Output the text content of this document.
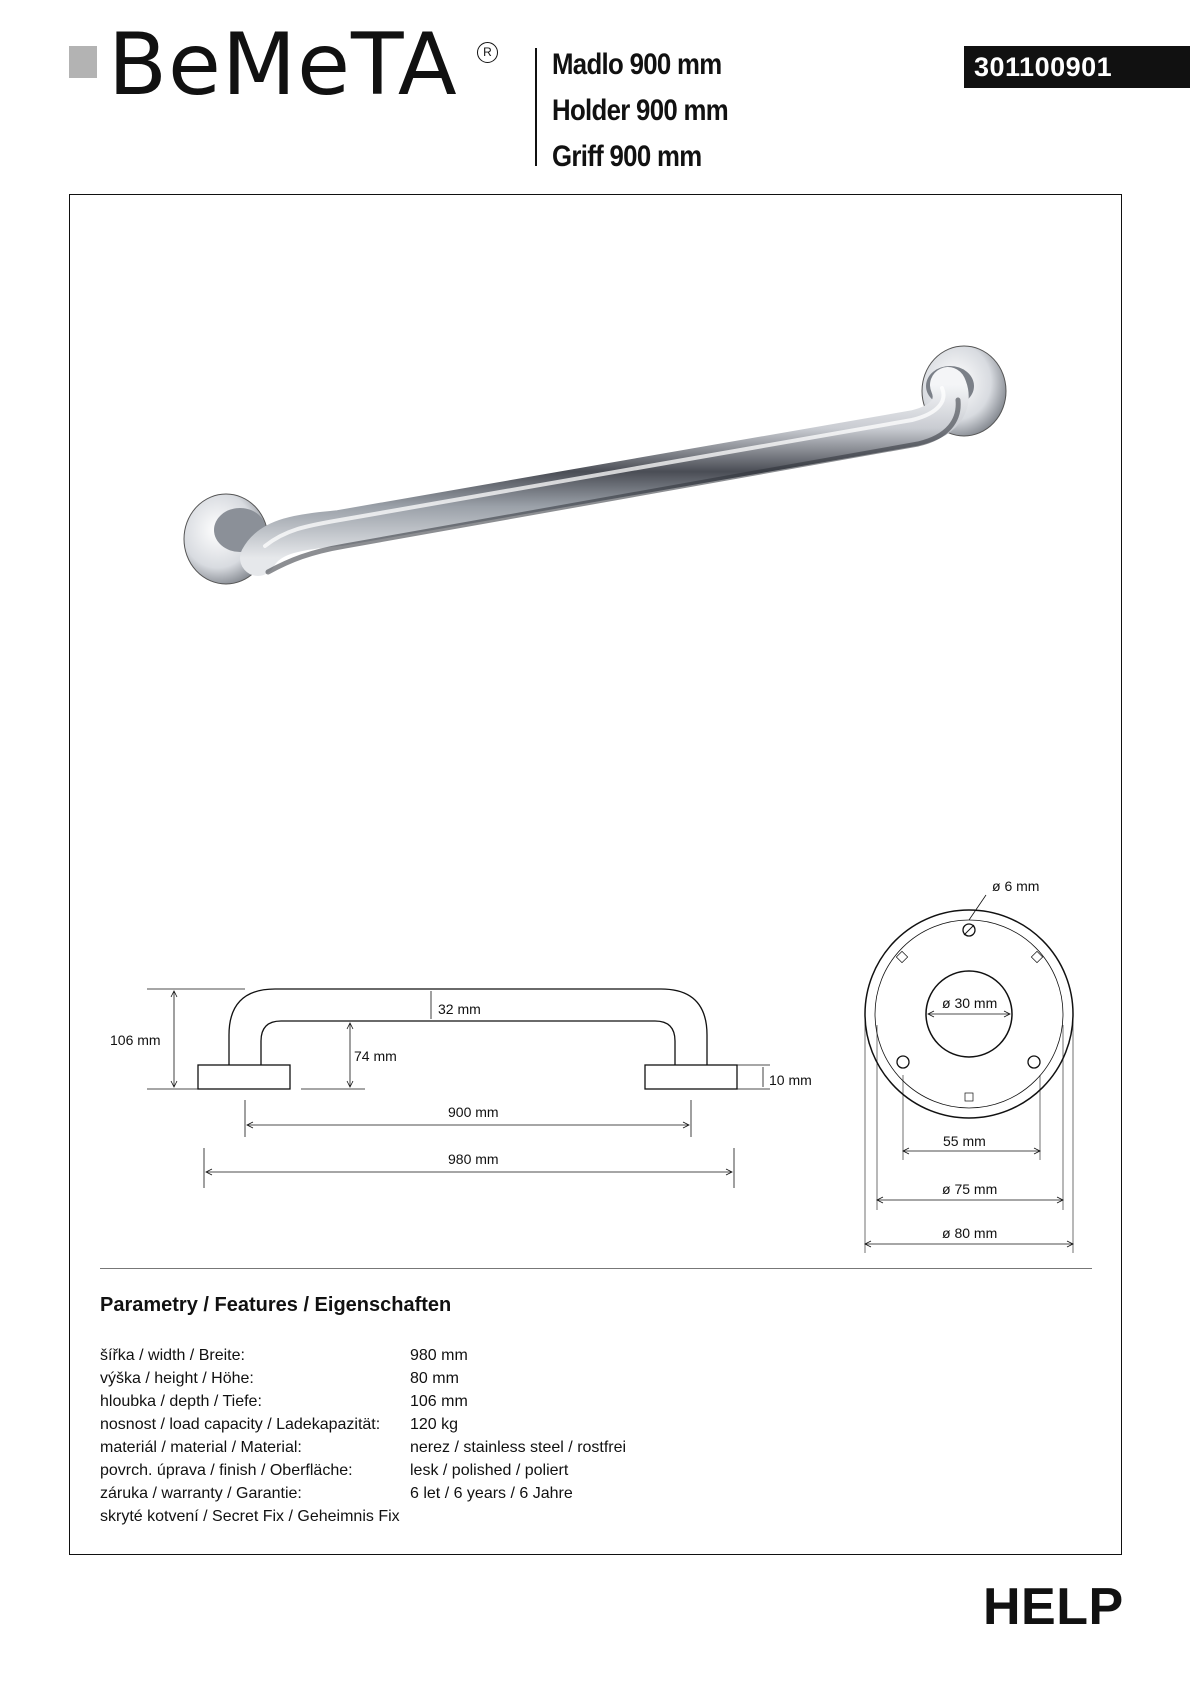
BeMeTA	R Madlo 900 mm
Holder 900 mm
Griff 900 mm
301100901
106 mm
32 mm
74 mm
10 mm
900 mm
980 mm
ø 6 mm
ø 30 mm
55 mm
ø 75 mm
ø 80 mm
Parametry / Features / Eigenschaften
šířka / width / Breite:	980 mm
výška / height / Höhe:	80 mm
hloubka / depth / Tiefe:	106 mm
nosnost / load capacity / Ladekapazität:	120 kg
materiál / material / Material:	nerez / stainless steel / rostfrei
povrch. úprava / finish / Oberfläche:	lesk / polished / poliert
záruka / warranty / Garantie:	6 let / 6 years / 6 Jahre
skryté kotvení / Secret Fix / Geheimnis Fix
HELP
